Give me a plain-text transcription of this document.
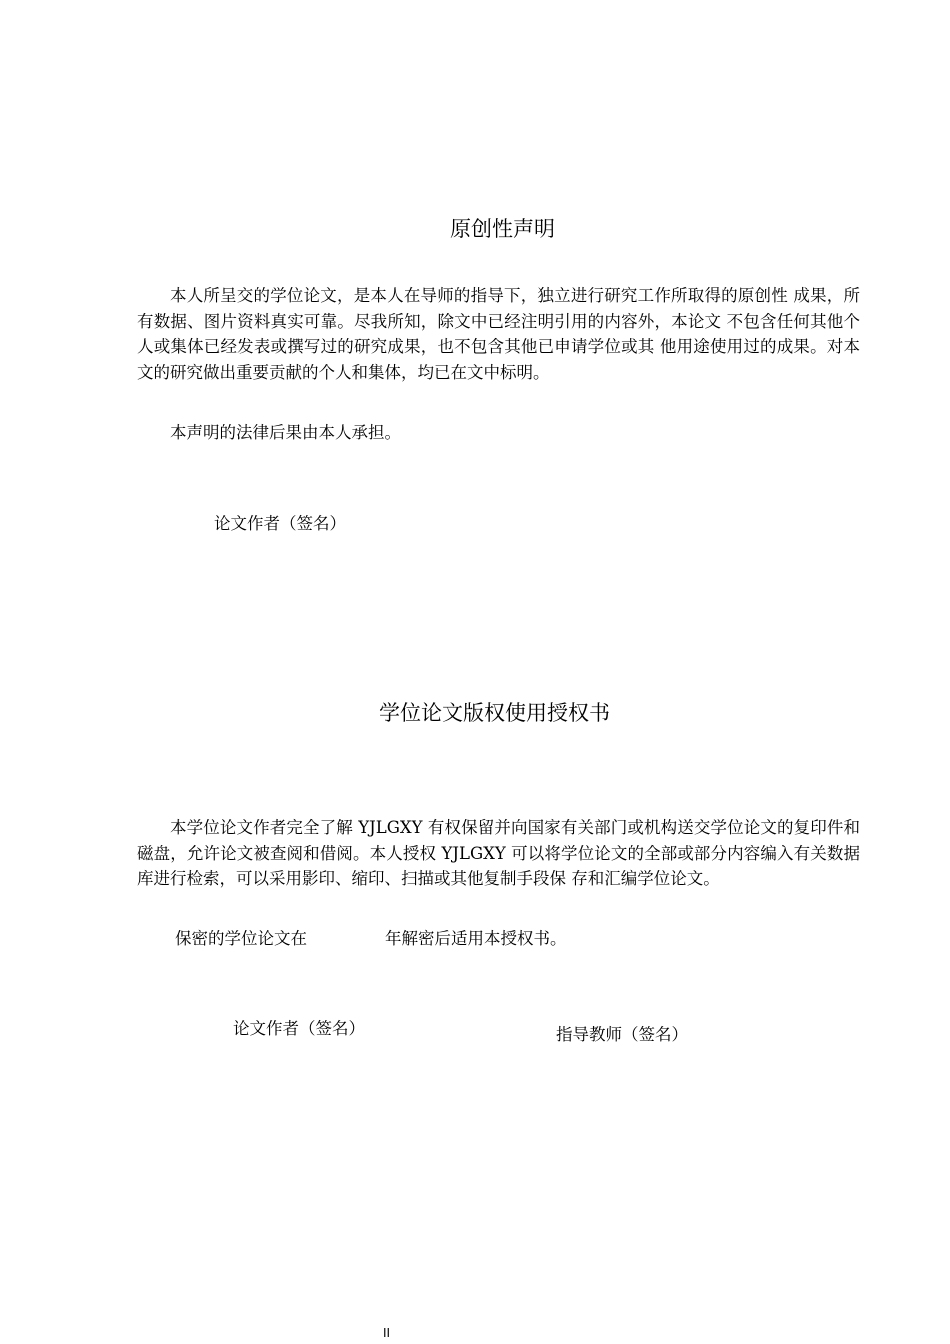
原创性声明

本人所呈交的学位论文，是本人在导师的指导下，独立进行研究工作所取得的原创性 成果，所有数据、图片资料真实可靠。尽我所知，除文中已经注明引用的内容外，本论文 不包含任何其他个人或集体已经发表或撰写过的研究成果，也不包含其他已申请学位或其 他用途使用过的成果。对本文的研究做出重要贡献的个人和集体，均已在文中标明。

本声明的法律后果由本人承担。

论文作者（签名）
学位论文版权使用授权书

本学位论文作者完全了解 YJLGXY 有权保留并向国家有关部门或机构送交学位论文的复印件和磁盘，允许论文被查阅和借阅。本人授权 YJLGXY 可以将学位论文的全部或部分内容编入有关数据库进行检索，可以采用影印、缩印、扫描或其他复制手段保 存和汇编学位论文。

保密的学位论文在	年解密后适用本授权书。
论文作者（签名）	指导教师（签名）
II
